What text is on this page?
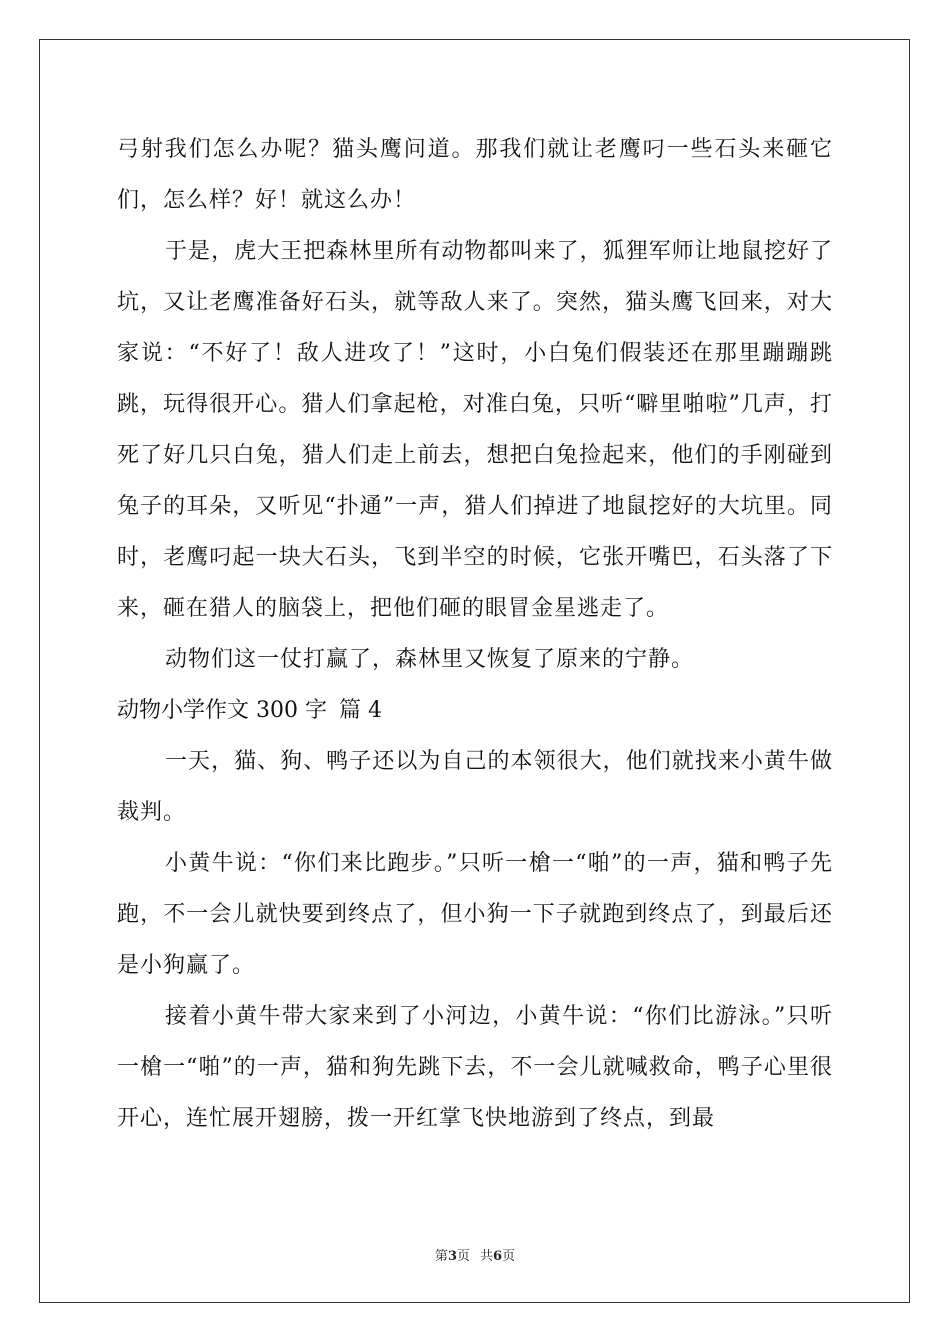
弓射我们怎么办呢？猫头鹰问道。那我们就让老鹰叼一些石头来砸它们，怎么样？好！就这么办！

于是，虎大王把森林里所有动物都叫来了，狐狸军师让地鼠挖好了坑，又让老鹰准备好石头，就等敌人来了。突然，猫头鹰飞回来，对大家说：“不好了！敌人进攻了！”这时，小白兔们假装还在那里蹦蹦跳跳，玩得很开心。猎人们拿起枪，对准白兔，只听“噼里啪啦”几声，打死了好几只白兔，猎人们走上前去，想把白兔捡起来，他们的手刚碰到兔子的耳朵，又听见“扑通”一声，猎人们掉进了地鼠挖好的大坑里。同时，老鹰叼起一块大石头，飞到半空的时候，它张开嘴巴，石头落了下来，砸在猎人的脑袋上，把他们砸的眼冒金星逃走了。

动物们这一仗打赢了，森林里又恢复了原来的宁静。

动物小学作文 300 字 篇 4

一天，猫、狗、鸭子还以为自己的本领很大，他们就找来小黄牛做裁判。

小黄牛说：“你们来比跑步。”只听一槍一“啪”的一声，猫和鸭子先跑，不一会儿就快要到终点了，但小狗一下子就跑到终点了，到最后还是小狗赢了。

接着小黄牛带大家来到了小河边，小黄牛说：“你们比游泳。”只听一槍一“啪”的一声，猫和狗先跳下去，不一会儿就喊救命，鸭子心里很开心，连忙展开翅膀，拨一开红掌飞快地游到了终点，到最

第3页 共6页
